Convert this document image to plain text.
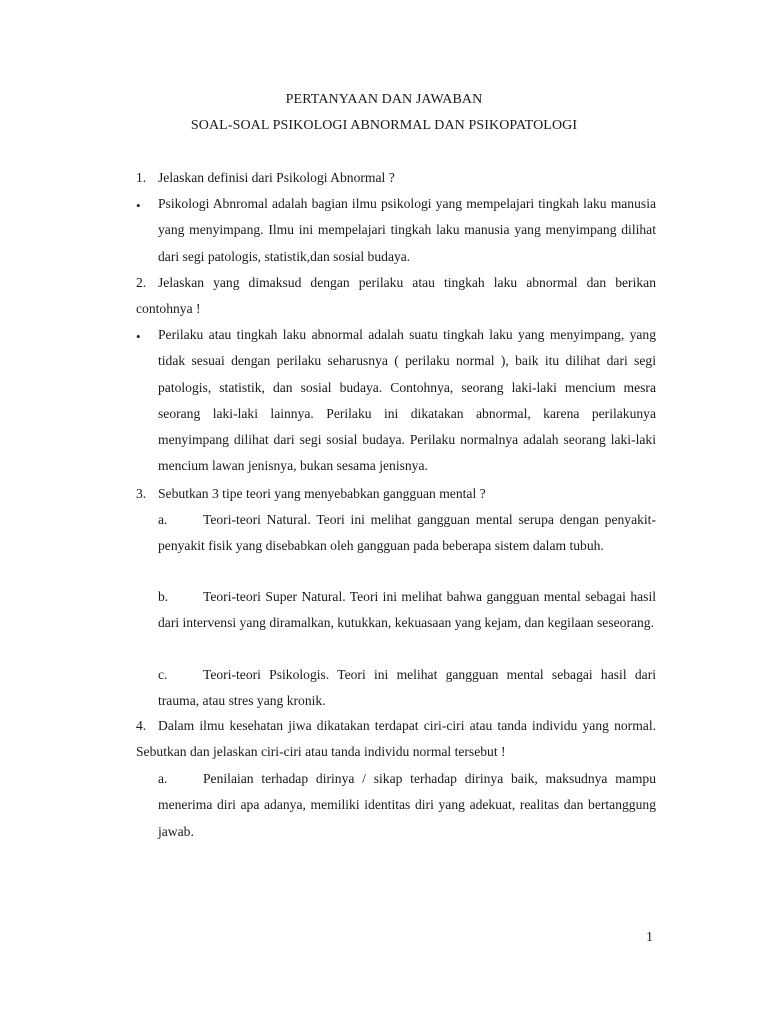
PERTANYAAN DAN JAWABAN
SOAL-SOAL PSIKOLOGI ABNORMAL DAN PSIKOPATOLOGI
1. Jelaskan definisi dari Psikologi Abnormal ?
• Psikologi Abnromal adalah bagian ilmu psikologi yang mempelajari tingkah laku manusia yang menyimpang. Ilmu ini mempelajari tingkah laku manusia yang menyimpang dilihat dari segi patologis, statistik,dan sosial budaya.
2. Jelaskan yang dimaksud dengan perilaku atau tingkah laku abnormal dan berikan contohnya !
• Perilaku atau tingkah laku abnormal adalah suatu tingkah laku yang menyimpang, yang tidak sesuai dengan perilaku seharusnya ( perilaku normal ), baik itu dilihat dari segi patologis, statistik, dan sosial budaya. Contohnya, seorang laki-laki mencium mesra seorang laki-laki lainnya. Perilaku ini dikatakan abnormal, karena perilakunya menyimpang dilihat dari segi sosial budaya. Perilaku normalnya adalah seorang laki-laki mencium lawan jenisnya, bukan sesama jenisnya.
3. Sebutkan 3 tipe teori yang menyebabkan gangguan mental ?
a.	Teori-teori Natural. Teori ini melihat gangguan mental serupa dengan penyakit-penyakit fisik yang disebabkan oleh gangguan pada beberapa sistem dalam tubuh.
b.	Teori-teori Super Natural. Teori ini melihat bahwa gangguan mental sebagai hasil dari intervensi yang diramalkan, kutukkan, kekuasaan yang kejam, dan kegilaan seseorang.
c.	Teori-teori Psikologis. Teori ini melihat gangguan mental sebagai hasil dari trauma, atau stres yang kronik.
4. Dalam ilmu kesehatan jiwa dikatakan terdapat ciri-ciri atau tanda individu yang normal. Sebutkan dan jelaskan ciri-ciri atau tanda individu normal tersebut !
a.	Penilaian terhadap dirinya / sikap terhadap dirinya baik, maksudnya mampu menerima diri apa adanya, memiliki identitas diri yang adekuat, realitas dan bertanggung jawab.
1
